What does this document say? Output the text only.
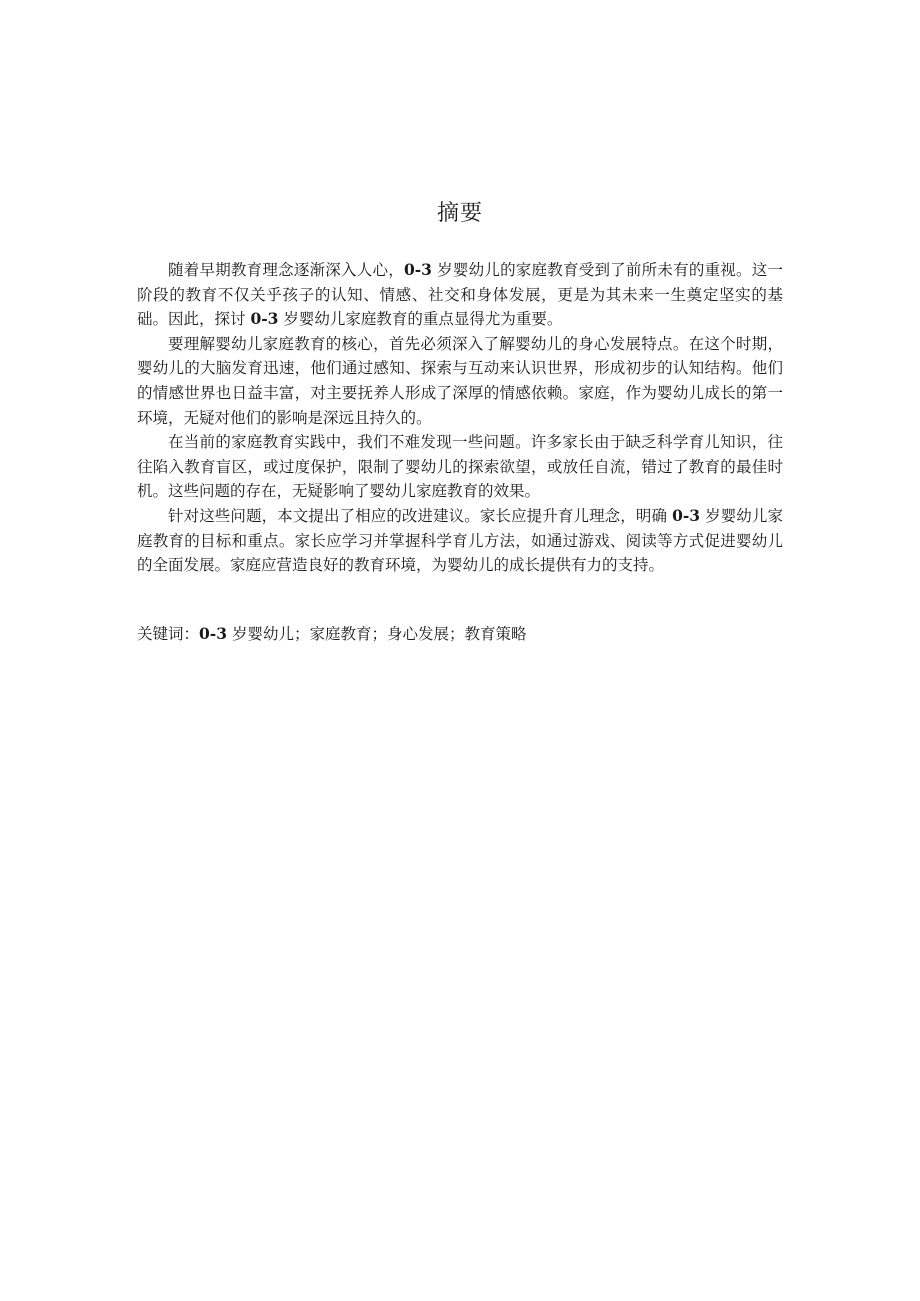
摘要

随着早期教育理念逐渐深入人心，0-3 岁婴幼儿的家庭教育受到了前所未有的重视。这一阶段的教育不仅关乎孩子的认知、情感、社交和身体发展，更是为其未来一生奠定坚实的基础。因此，探讨 0-3 岁婴幼儿家庭教育的重点显得尤为重要。

要理解婴幼儿家庭教育的核心，首先必须深入了解婴幼儿的身心发展特点。在这个时期，婴幼儿的大脑发育迅速，他们通过感知、探索与互动来认识世界，形成初步的认知结构。他们的情感世界也日益丰富，对主要抚养人形成了深厚的情感依赖。家庭，作为婴幼儿成长的第一环境，无疑对他们的影响是深远且持久的。

在当前的家庭教育实践中，我们不难发现一些问题。许多家长由于缺乏科学育儿知识，往往陷入教育盲区，或过度保护，限制了婴幼儿的探索欲望，或放任自流，错过了教育的最佳时机。这些问题的存在，无疑影响了婴幼儿家庭教育的效果。

针对这些问题，本文提出了相应的改进建议。家长应提升育儿理念，明确 0-3 岁婴幼儿家庭教育的目标和重点。家长应学习并掌握科学育儿方法，如通过游戏、阅读等方式促进婴幼儿的全面发展。家庭应营造良好的教育环境，为婴幼儿的成长提供有力的支持。

关键词：0-3 岁婴幼儿；家庭教育；身心发展；教育策略
